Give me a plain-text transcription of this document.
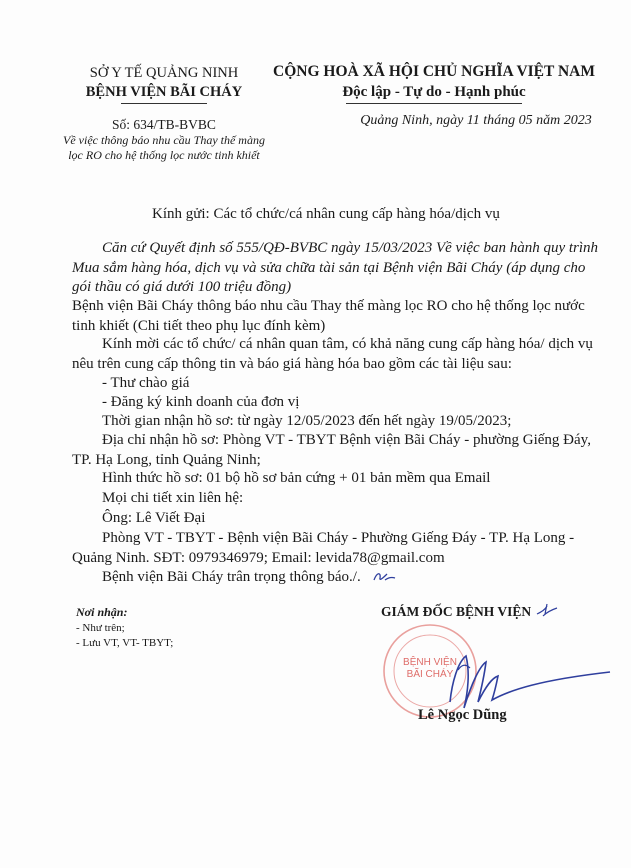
SỞ Y TẾ QUẢNG NINH
BỆNH VIỆN BÃI CHÁY
CỘNG HOÀ XÃ HỘI CHỦ NGHĨA VIỆT NAM
Độc lập - Tự do - Hạnh phúc
Số: 634/TB-BVBC
Về việc thông báo nhu cầu Thay thế màng lọc RO cho hệ thống lọc nước tinh khiết
Quảng Ninh, ngày 11 tháng 05 năm 2023
Kính gửi: Các tổ chức/cá nhân cung cấp hàng hóa/dịch vụ
Căn cứ Quyết định số 555/QĐ-BVBC ngày 15/03/2023 Về việc ban hành quy trình Mua sắm hàng hóa, dịch vụ và sửa chữa tài sản tại Bệnh viện Bãi Cháy (áp dụng cho gói thầu có giá dưới 100 triệu đồng)
Bệnh viện Bãi Cháy thông báo nhu cầu Thay thế màng lọc RO cho hệ thống lọc nước tinh khiết (Chi tiết theo phụ lục đính kèm)
Kính mời các tổ chức/ cá nhân quan tâm, có khả năng cung cấp hàng hóa/ dịch vụ nêu trên cung cấp thông tin và báo giá hàng hóa bao gồm các tài liệu sau:
- Thư chào giá
- Đăng ký kinh doanh của đơn vị
Thời gian nhận hồ sơ: từ ngày 12/05/2023 đến hết ngày 19/05/2023;
Địa chỉ nhận hồ sơ: Phòng VT - TBYT Bệnh viện Bãi Cháy - phường Giếng Đáy, TP. Hạ Long, tỉnh Quảng Ninh;
Hình thức hồ sơ: 01 bộ hồ sơ bản cứng + 01 bản mềm qua Email
Mọi chi tiết xin liên hệ:
Ông: Lê Viết Đại
Phòng VT - TBYT - Bệnh viện Bãi Cháy - Phường Giếng Đáy - TP. Hạ Long - Quảng Ninh. SĐT: 0979346979; Email: levida78@gmail.com
Bệnh viện Bãi Cháy trân trọng thông báo./.
Nơi nhận:
- Như trên;
- Lưu VT, VT- TBYT;
GIÁM ĐỐC BỆNH VIỆN
BỆNH VIỆN
BÃI CHÁY
Lê Ngọc Dũng
